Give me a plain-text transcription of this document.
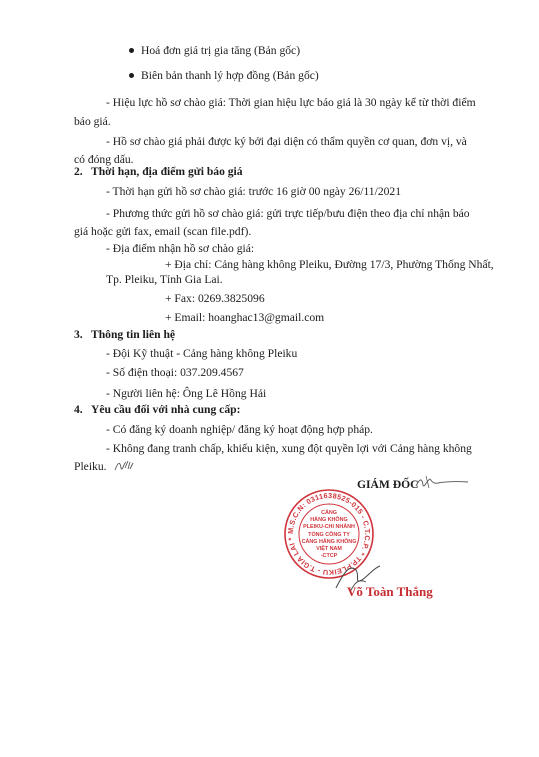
Hoá đơn giá trị gia tăng (Bản gốc)
Biên bản thanh lý hợp đồng (Bản gốc)
- Hiệu lực hồ sơ chào giá: Thời gian hiệu lực báo giá là 30 ngày kể từ thời điểm
báo giá.
- Hồ sơ chào giá phải được ký bởi đại diện có thẩm quyền cơ quan, đơn vị, và
có đóng dấu.
2. Thời hạn, địa điểm gửi báo giá
- Thời hạn gửi hồ sơ chào giá: trước 16 giờ 00 ngày 26/11/2021
- Phương thức gửi hồ sơ chào giá: gửi trực tiếp/bưu điện theo địa chỉ nhận báo
giá hoặc gửi fax, email (scan file.pdf).
- Địa điểm nhận hồ sơ chào giá:
+ Địa chỉ: Cảng hàng không Pleiku, Đường 17/3, Phường Thống Nhất,
Tp. Pleiku, Tỉnh Gia Lai.
+ Fax: 0269.3825096
+ Email: hoanghac13@gmail.com
3. Thông tin liên hệ
- Đội Kỹ thuật - Cảng hàng không Pleiku
- Số điện thoại: 037.209.4567
- Người liên hệ: Ông Lê Hồng Hải
4. Yêu cầu đối với nhà cung cấp:
- Có đăng ký doanh nghiệp/ đăng ký hoạt động hợp pháp.
- Không đang tranh chấp, khiếu kiện, xung đột quyền lợi với Cảng hàng không
Pleiku.
GIÁM ĐỐC
M.S.C.N: 0311638525-015 - C.T.C.P. * TP.PLEIKU - T.GIA LAI *
CẢNG
HÀNG KHÔNG
PLEIKU-CHI NHÁNH
TỔNG CÔNG TY
CẢNG HÀNG KHÔNG
VIỆT NAM
-CTCP
Võ Toàn Thắng
